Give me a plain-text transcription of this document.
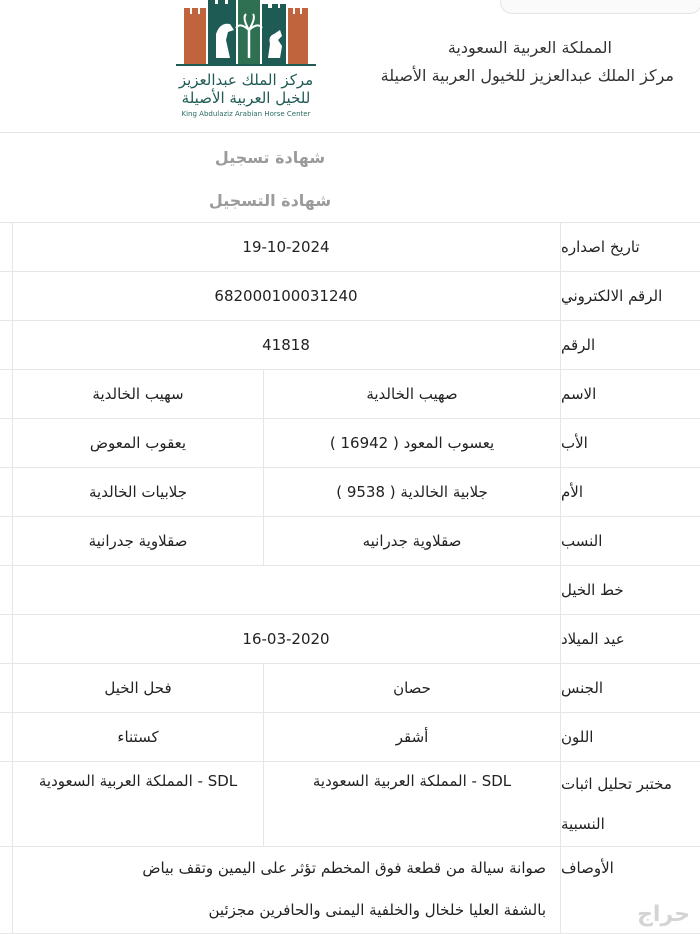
مركز الملك عبدالعزيز
للخيل العربية الأصيلة
King Abdulaziz Arabian Horse Center
المملكة العربية السعودية
مركز الملك عبدالعزيز للخيول العربية الأصيلة
شهادة تسجيل
شهادة التسجيل
تاريخ اصداره
19-10-2024
الرقم الالكتروني
682000100031240
الرقم
41818
الاسم
صهيب الخالدية
سهيب الخالدية
الأب
يعسوب المعود ( 16942 )
يعقوب المعوض
الأم
جلابية الخالدية ( 9538 )
جلابيات الخالدية
النسب
صقلاوية جدرانيه
صقلاوية جدرانية
خط الخيل
عيد الميلاد
16-03-2020
الجنس
حصان
فحل الخيل
اللون
أشقر
كستناء
مختبر تحليل اثبات
النسبية
SDL - المملكة العربية السعودية
SDL - المملكة العربية السعودية
الأوصاف
صوانة سيالة من قطعة فوق المخطم تؤثر على اليمين وتقف بياض
بالشفة العليا خلخال والخلفية اليمنى والحافرين مجزئين	حراج
